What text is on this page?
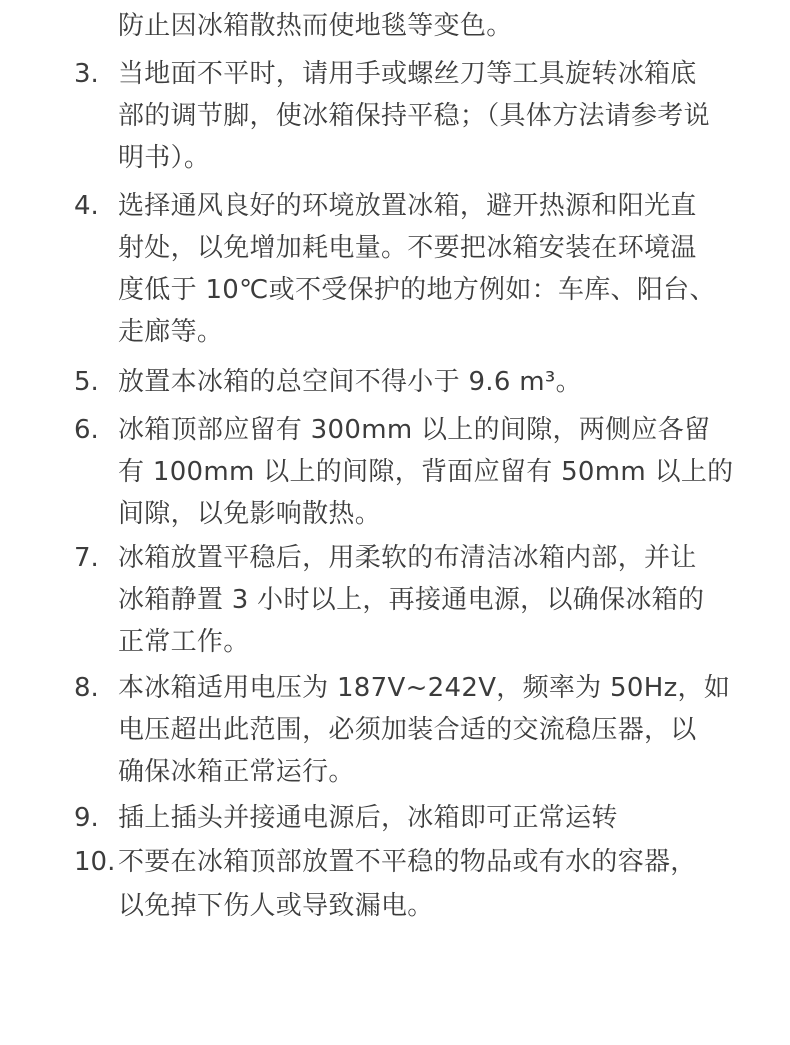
防止因冰箱散热而使地毯等变色。
3. 当地面不平时，请用手或螺丝刀等工具旋转冰箱底
部的调节脚，使冰箱保持平稳；（具体方法请参考说
明书）。
4. 选择通风良好的环境放置冰箱，避开热源和阳光直
射处，以免增加耗电量。不要把冰箱安装在环境温
度低于 10℃或不受保护的地方例如：车库、阳台、
走廊等。
5. 放置本冰箱的总空间不得小于 9.6 m³。
6. 冰箱顶部应留有 300mm 以上的间隙，两侧应各留
有 100mm 以上的间隙，背面应留有 50mm 以上的
间隙，以免影响散热。
7. 冰箱放置平稳后，用柔软的布清洁冰箱内部，并让
冰箱静置 3 小时以上，再接通电源，以确保冰箱的
正常工作。
8. 本冰箱适用电压为 187V~242V，频率为 50Hz，如
电压超出此范围，必须加装合适的交流稳压器，以
确保冰箱正常运行。
9. 插上插头并接通电源后，冰箱即可正常运转
10. 不要在冰箱顶部放置不平稳的物品或有水的容器，
以免掉下伤人或导致漏电。
